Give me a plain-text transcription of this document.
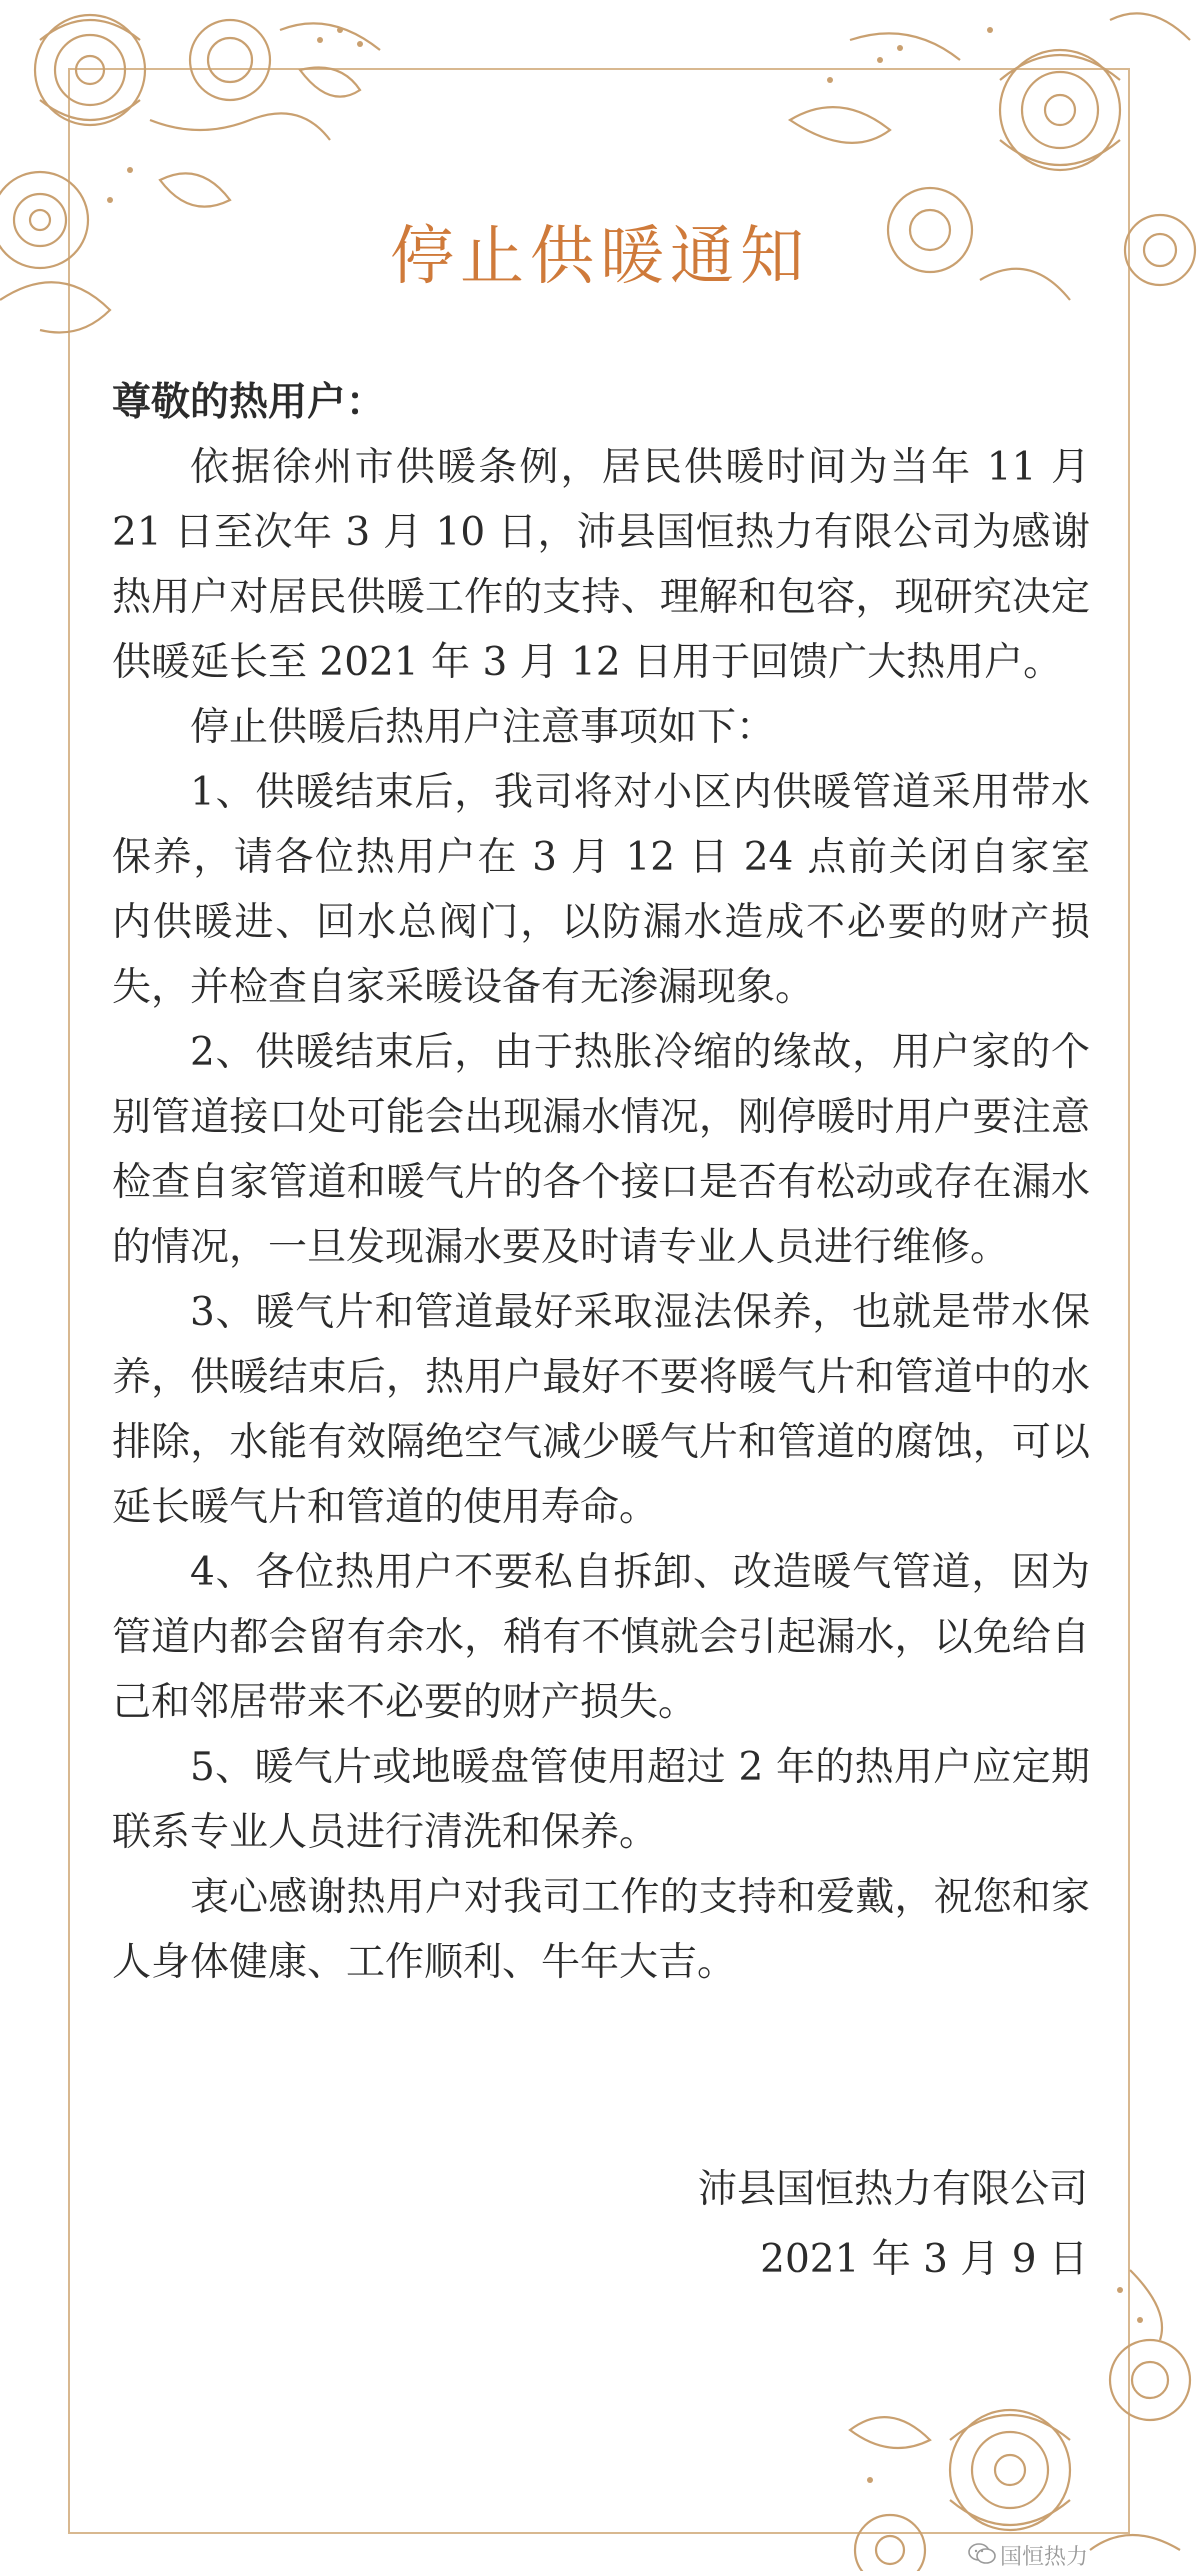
停止供暖通知

尊敬的热用户：

依据徐州市供暖条例，居民供暖时间为当年 11 月 21 日至次年 3 月 10 日，沛县国恒热力有限公司为感谢热用户对居民供暖工作的支持、理解和包容，现研究决定供暖延长至 2021 年 3 月 12 日用于回馈广大热用户。

停止供暖后热用户注意事项如下：

1、供暖结束后，我司将对小区内供暖管道采用带水保养，请各位热用户在 3 月 12 日 24 点前关闭自家室内供暖进、回水总阀门，以防漏水造成不必要的财产损失，并检查自家采暖设备有无渗漏现象。

2、供暖结束后，由于热胀冷缩的缘故，用户家的个别管道接口处可能会出现漏水情况，刚停暖时用户要注意检查自家管道和暖气片的各个接口是否有松动或存在漏水的情况，一旦发现漏水要及时请专业人员进行维修。

3、暖气片和管道最好采取湿法保养，也就是带水保养，供暖结束后，热用户最好不要将暖气片和管道中的水排除，水能有效隔绝空气减少暖气片和管道的腐蚀，可以延长暖气片和管道的使用寿命。

4、各位热用户不要私自拆卸、改造暖气管道，因为管道内都会留有余水，稍有不慎就会引起漏水，以免给自己和邻居带来不必要的财产损失。

5、暖气片或地暖盘管使用超过 2 年的热用户应定期联系专业人员进行清洗和保养。

衷心感谢热用户对我司工作的支持和爱戴，祝您和家人身体健康、工作顺利、牛年大吉。

沛县国恒热力有限公司
2021 年 3 月 9 日
国恒热力
